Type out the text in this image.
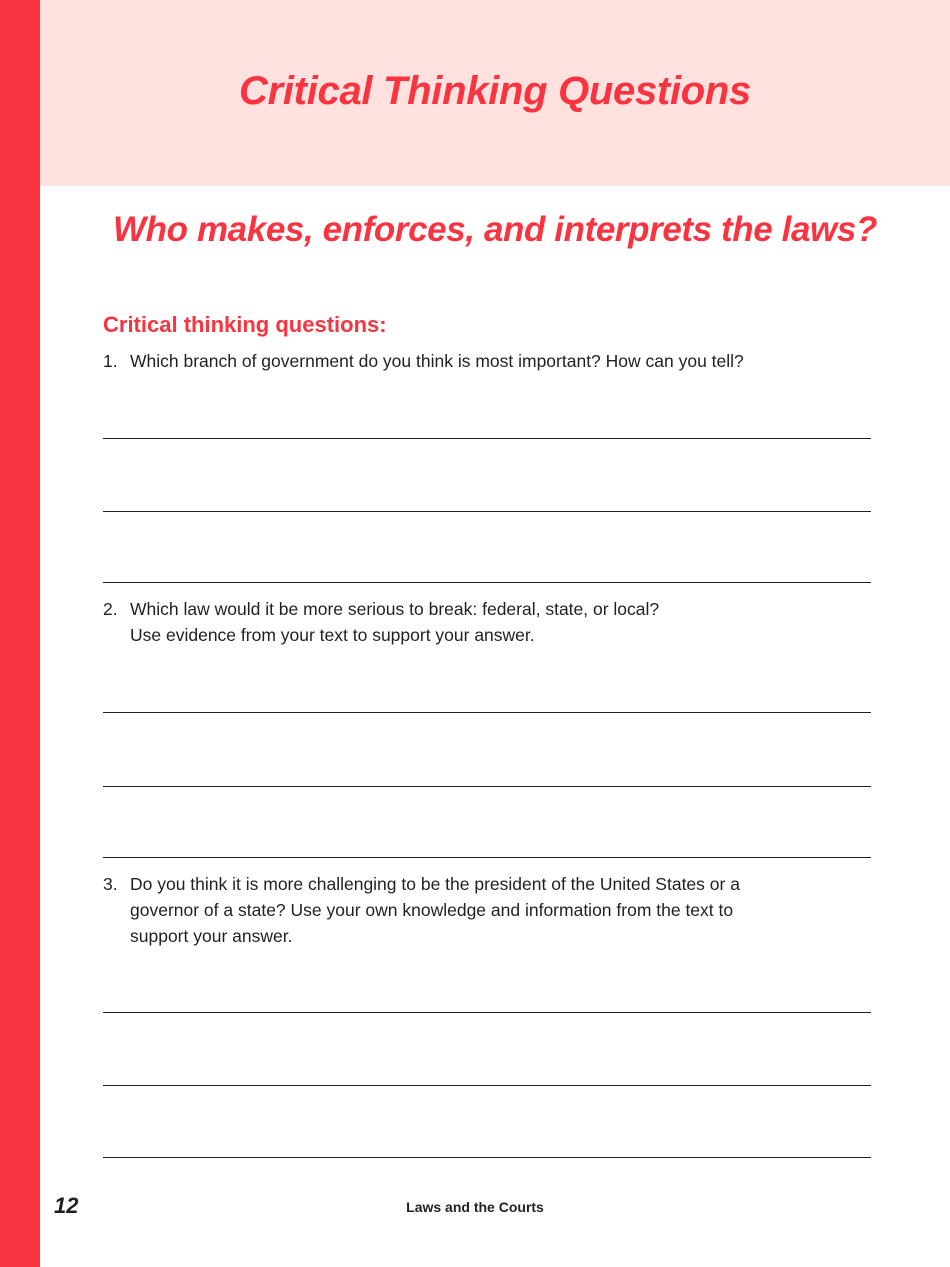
Critical Thinking Questions
Who makes, enforces, and interprets the laws?
Critical thinking questions:
1. Which branch of government do you think is most important? How can you tell?
2. Which law would it be more serious to break: federal, state, or local?
Use evidence from your text to support your answer.
3. Do you think it is more challenging to be the president of the United States or a
governor of a state? Use your own knowledge and information from the text to
support your answer.
12	Laws and the Courts
